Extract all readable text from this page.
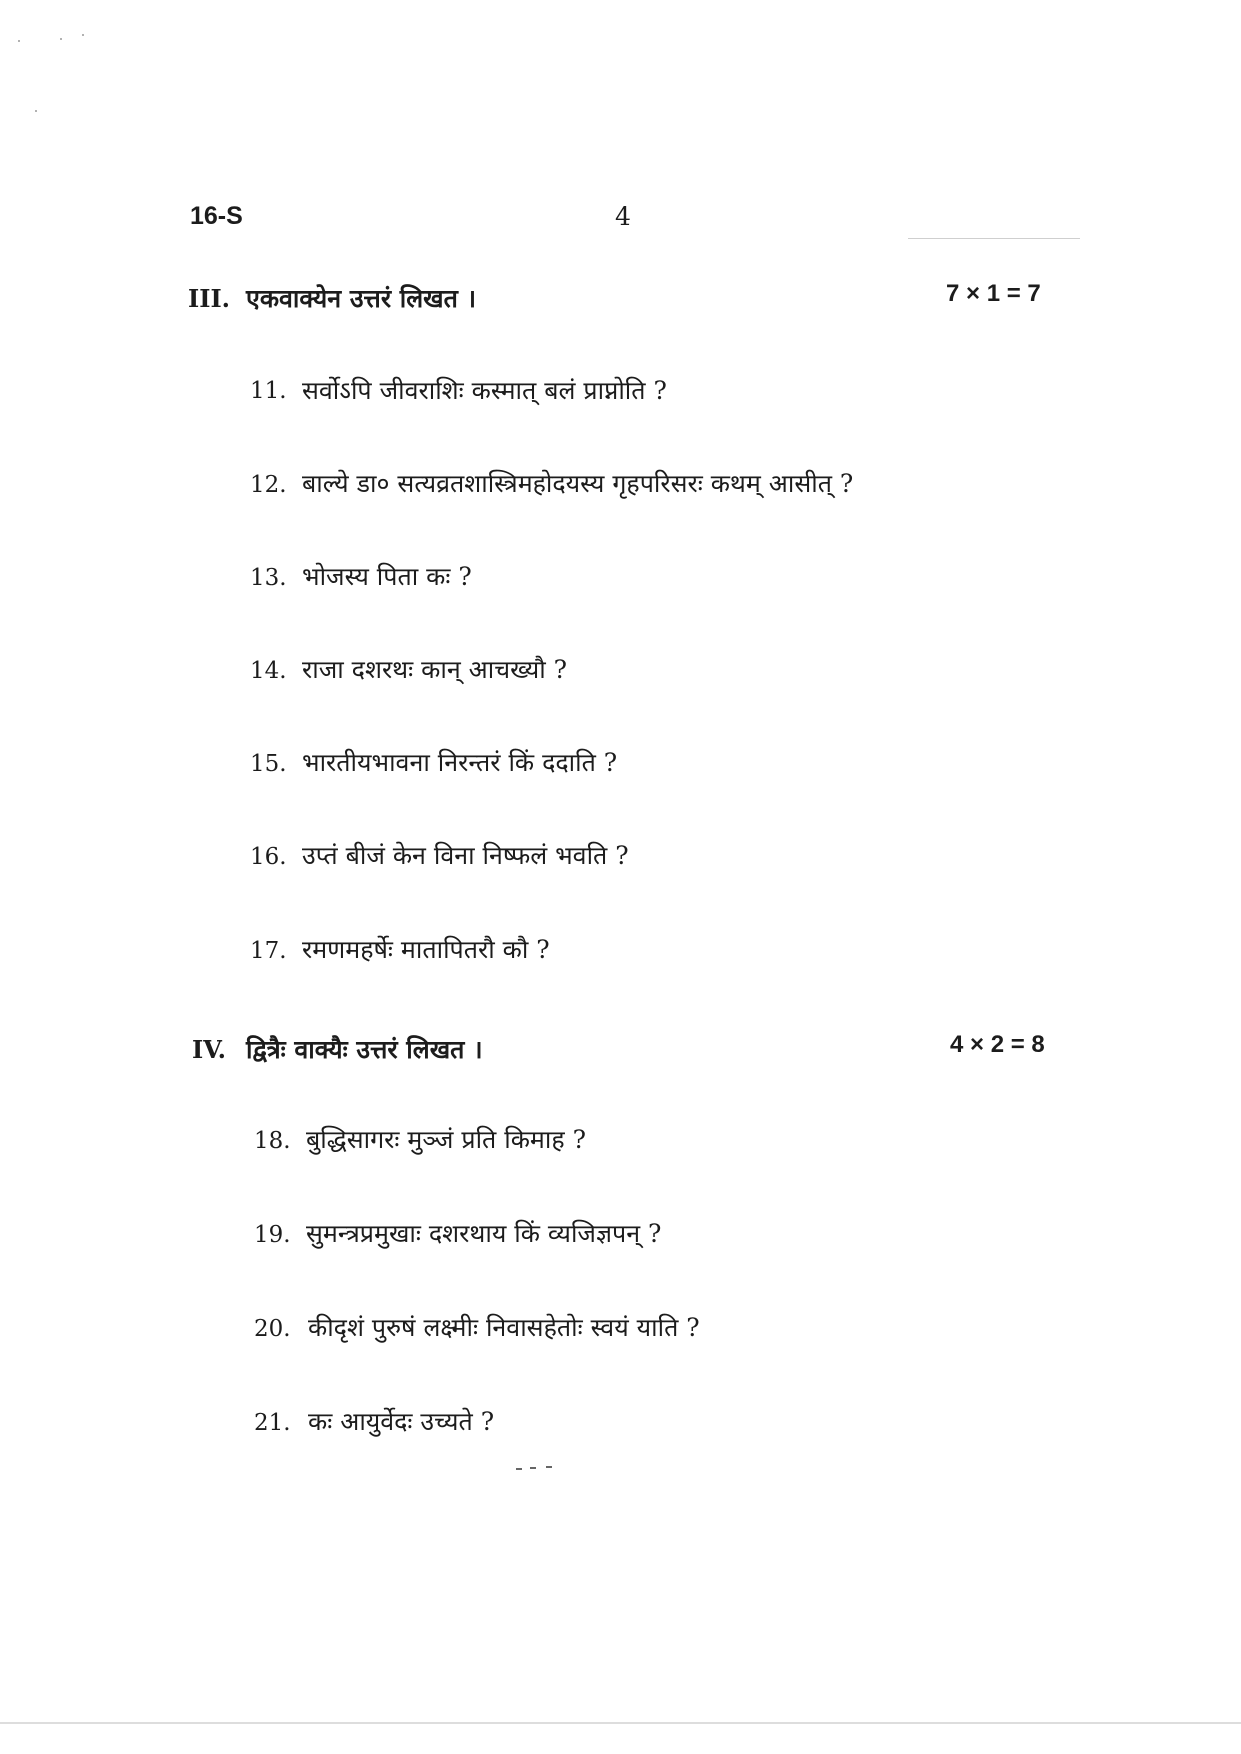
16-S	4
III. एकवाक्येन उत्तरं लिखत ।	7 × 1 = 7
11. सर्वोऽपि जीवराशिः कस्मात् बलं प्राप्नोति ?
12. बाल्ये डा० सत्यव्रतशास्त्रिमहोदयस्य गृहपरिसरः कथम् आसीत् ?
13. भोजस्य पिता कः ?
14. राजा दशरथः कान् आचख्यौ ?
15. भारतीयभावना निरन्तरं किं ददाति ?
16. उप्तं बीजं केन विना निष्फलं भवति ?
17. रमणमहर्षेः मातापितरौ कौ ?
IV. द्वित्रैः वाक्यैः उत्तरं लिखत ।	4 × 2 = 8
18. बुद्धिसागरः मुञ्जं प्रति किमाह ?
19. सुमन्त्रप्रमुखाः दशरथाय किं व्यजिज्ञपन् ?
20. कीदृशं पुरुषं लक्ष्मीः निवासहेतोः स्वयं याति ?
21. कः आयुर्वेदः उच्यते ?
